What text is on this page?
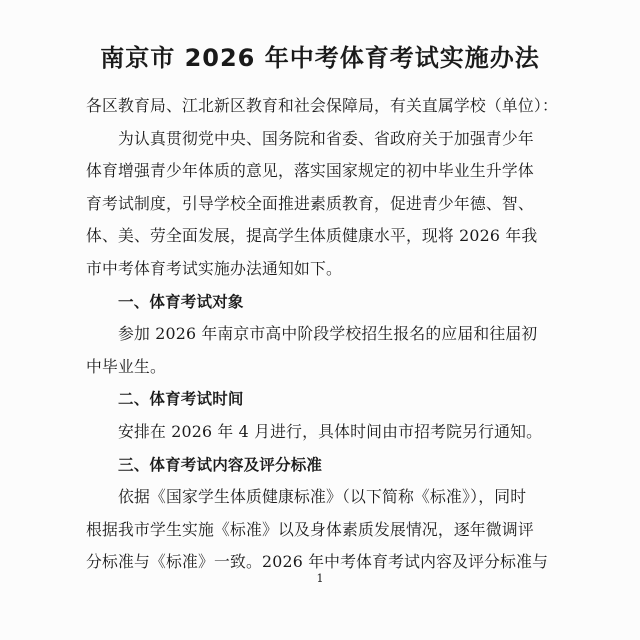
南京市 2026 年中考体育考试实施办法
各区教育局、江北新区教育和社会保障局，有关直属学校（单位）：
为认真贯彻党中央、国务院和省委、省政府关于加强青少年
体育增强青少年体质的意见，落实国家规定的初中毕业生升学体
育考试制度，引导学校全面推进素质教育，促进青少年德、智、
体、美、劳全面发展，提高学生体质健康水平，现将 2026 年我
市中考体育考试实施办法通知如下。
一、体育考试对象
参加 2026 年南京市高中阶段学校招生报名的应届和往届初
中毕业生。
二、体育考试时间
安排在 2026 年 4 月进行，具体时间由市招考院另行通知。
三、体育考试内容及评分标准
依据《国家学生体质健康标准》（以下简称《标准》），同时
根据我市学生实施《标准》以及身体素质发展情况，逐年微调评
分标准与《标准》一致。2026 年中考体育考试内容及评分标准与
1
